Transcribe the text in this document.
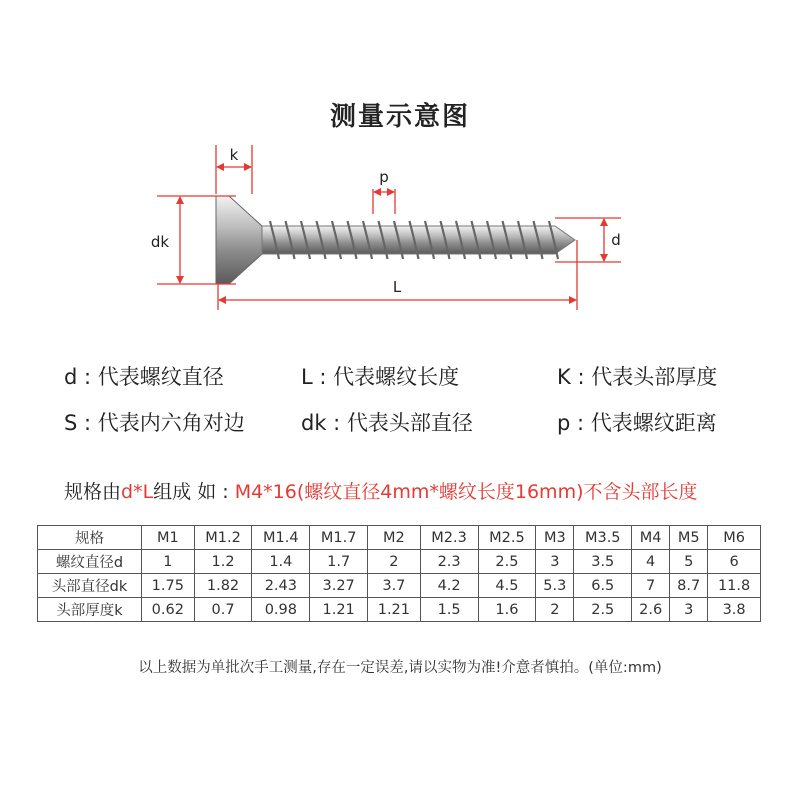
测量示意图
k
p
dk
L
d
d : 代表螺纹直径	L : 代表螺纹长度	K : 代表头部厚度
S : 代表内六角对边	dk : 代表头部直径	p : 代表螺纹距离
规格由d*L组成 如 : M4*16(螺纹直径4mm*螺纹长度16mm)不含头部长度
规格	M1	M1.2	M1.4	M1.7	M2	M2.3	M2.5	M3	M3.5	M4	M5	M6
螺纹直径d	1	1.2	1.4	1.7	2	2.3	2.5	3	3.5	4	5	6
头部直径dk	1.75	1.82	2.43	3.27	3.7	4.2	4.5	5.3	6.5	7	8.7	11.8
头部厚度k	0.62	0.7	0.98	1.21	1.21	1.5	1.6	2	2.5	2.6	3	3.8
以上数据为单批次手工测量,存在一定误差,请以实物为准!介意者慎拍。(单位:mm)
